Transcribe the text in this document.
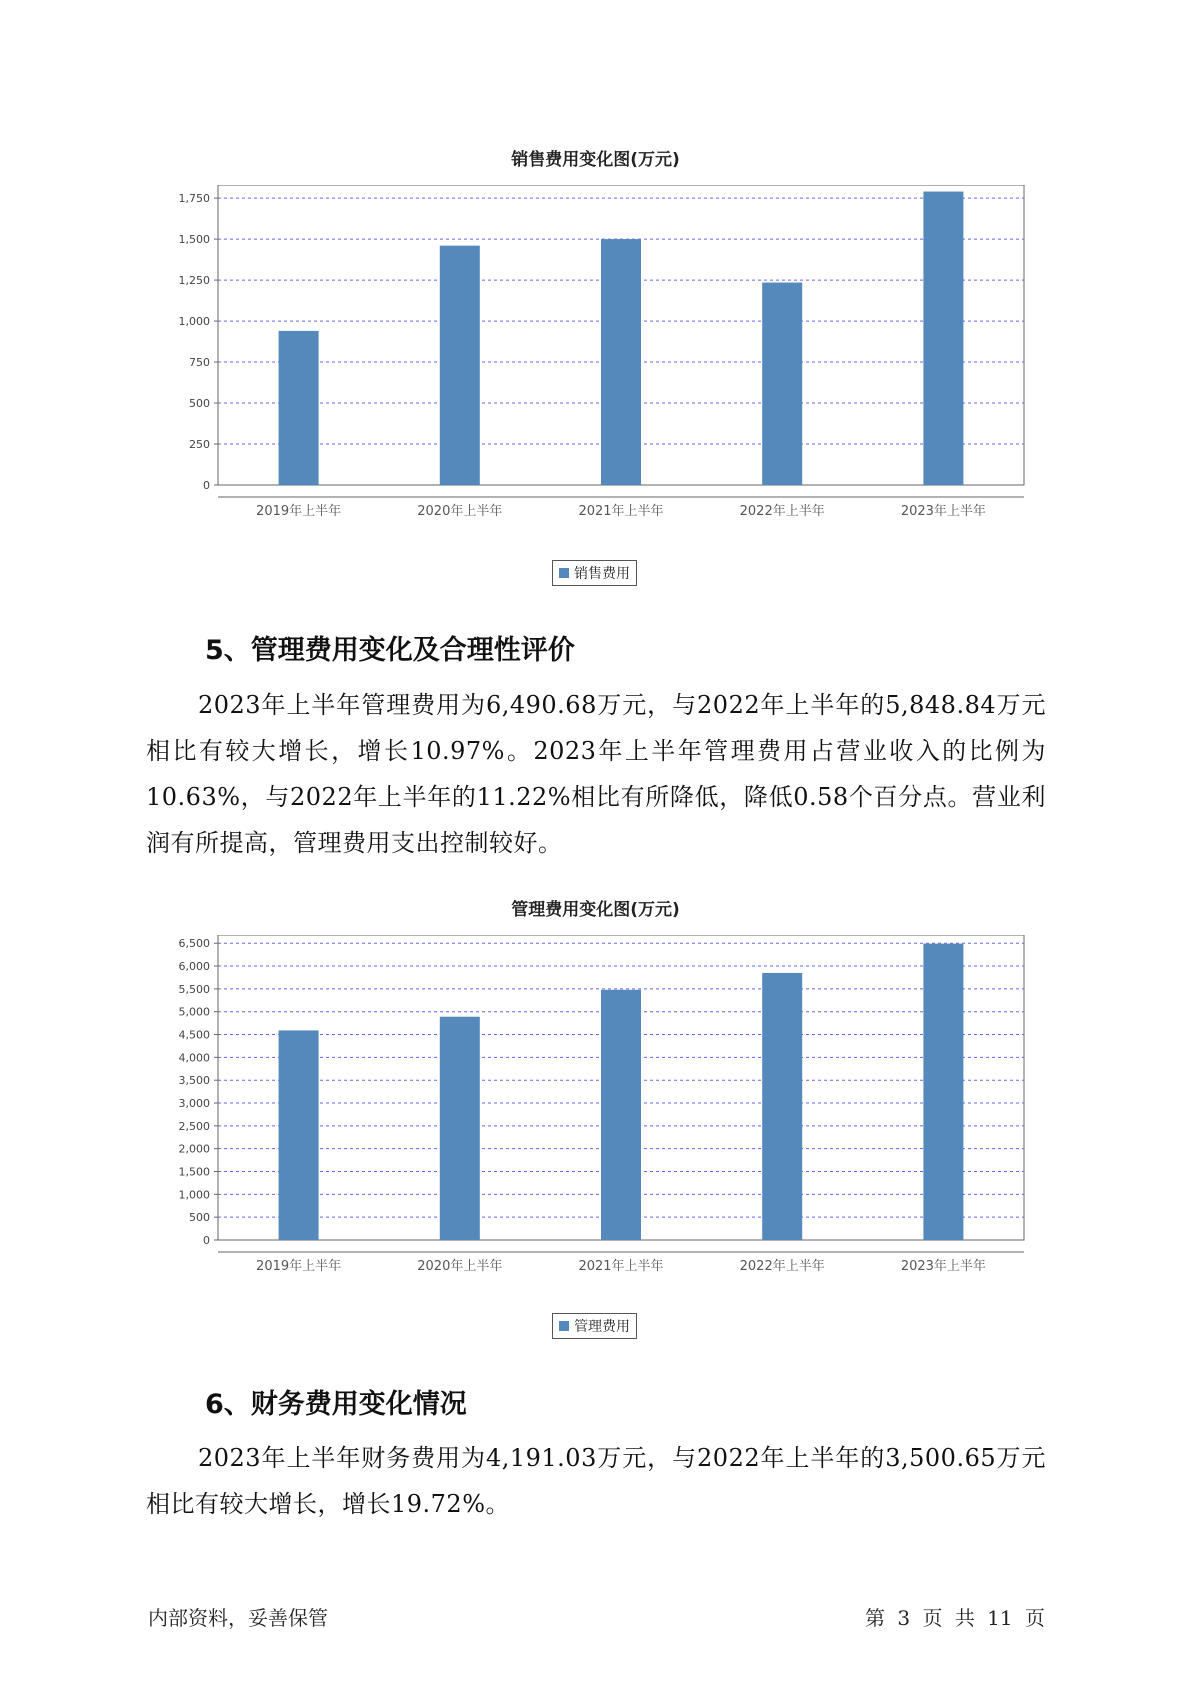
销售费用变化图(万元)
0
250
500
750
1,000
1,250
1,500
1,750
2019年上半年	2020年上半年	2021年上半年	2022年上半年	2023年上半年
销售费用
5、管理费用变化及合理性评价
2023年上半年管理费用为6,490.68万元，与2022年上半年的5,848.84万元相比有较大增长，增长10.97%。2023年上半年管理费用占营业收入的比例为10.63%，与2022年上半年的11.22%相比有所降低，降低0.58个百分点。营业利润有所提高，管理费用支出控制较好。
管理费用变化图(万元)
0
500
1,000
1,500
2,000
2,500
3,000
3,500
4,000
4,500
5,000
5,500
6,000
6,500
2019年上半年	2020年上半年	2021年上半年	2022年上半年	2023年上半年
管理费用
6、财务费用变化情况
2023年上半年财务费用为4,191.03万元，与2022年上半年的3,500.65万元相比有较大增长，增长19.72%。
内部资料，妥善保管	第 3 页 共 11 页
